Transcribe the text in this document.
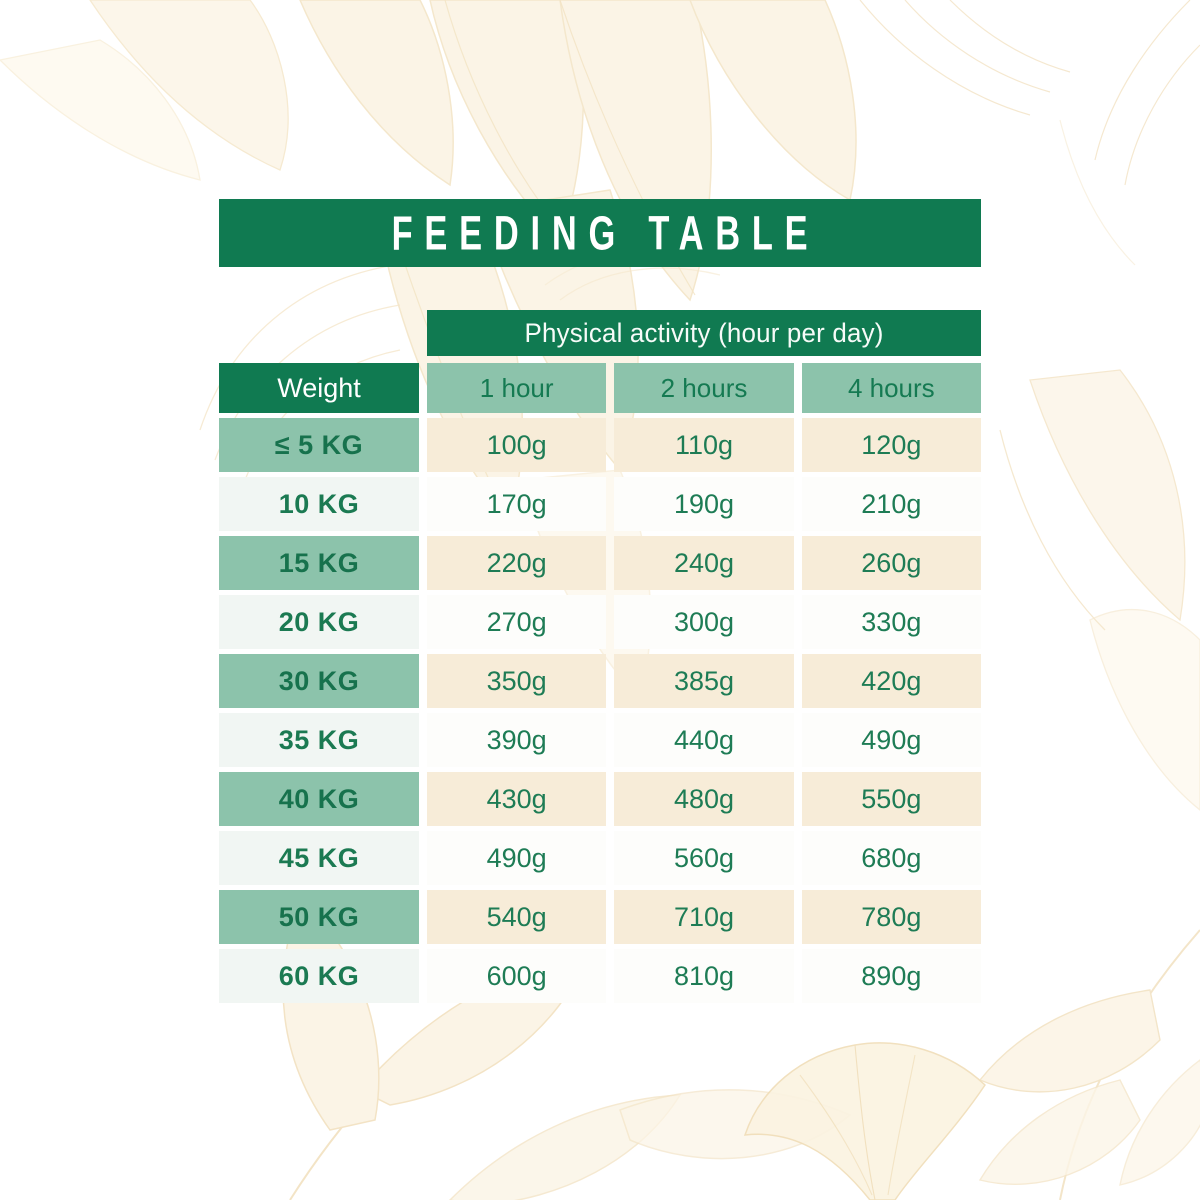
FEEDING TABLE
Physical activity (hour per day)
Weight	1 hour	2 hours	4 hours
≤ 5 KG	100g	110g	120g
10 KG	170g	190g	210g
15 KG	220g	240g	260g
20 KG	270g	300g	330g
30 KG	350g	385g	420g
35 KG	390g	440g	490g
40 KG	430g	480g	550g
45 KG	490g	560g	680g
50 KG	540g	710g	780g
60 KG	600g	810g	890g
